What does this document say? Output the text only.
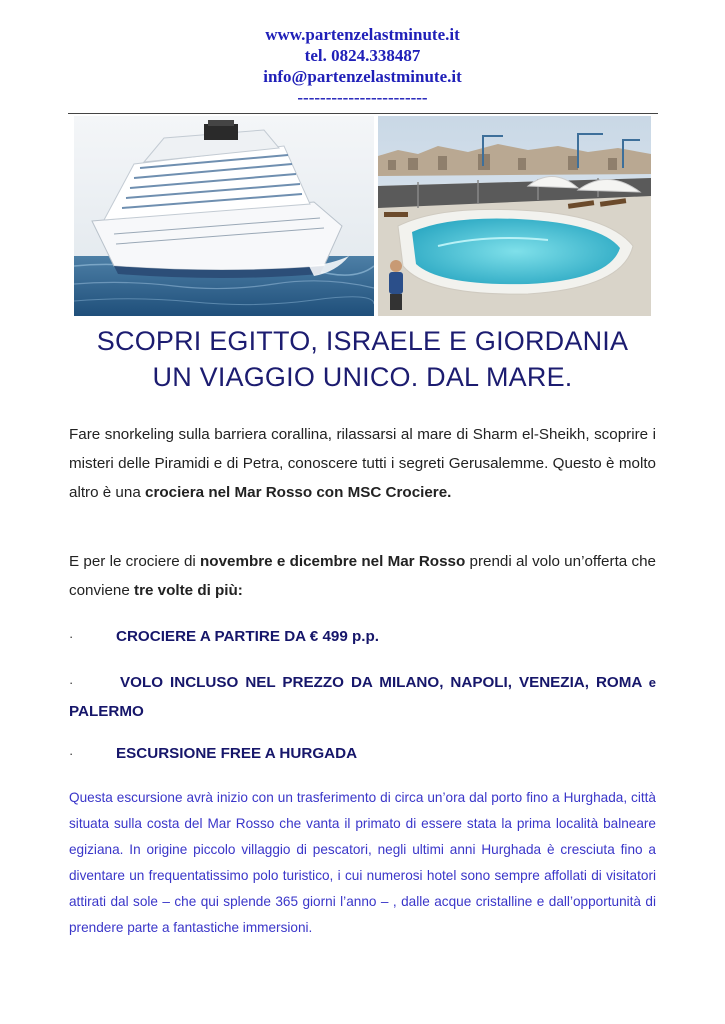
www.partenzelastminute.it
tel. 0824.338487
info@partenzelastminute.it
-----------------------
SCOPRI EGITTO, ISRAELE E GIORDANIA
UN VIAGGIO UNICO. DAL MARE.
Fare snorkeling sulla barriera corallina, rilassarsi al mare di Sharm el-Sheikh, scoprire i misteri delle Piramidi e di Petra, conoscere tutti i segreti Gerusalemme. Questo è molto altro è una crociera nel Mar Rosso con MSC Crociere.
E per le crociere di novembre e dicembre nel Mar Rosso prendi al volo un’offerta che conviene tre volte di più:
·	CROCIERE A PARTIRE DA € 499 p.p.
·	VOLO INCLUSO NEL PREZZO DA MILANO, NAPOLI, VENEZIA, ROMA e PALERMO
·	ESCURSIONE FREE A HURGADA
Questa escursione avrà inizio con un trasferimento di circa un’ora dal porto fino a Hurghada, città situata sulla costa del Mar Rosso che vanta il primato di essere stata la prima località balneare egiziana. In origine piccolo villaggio di pescatori, negli ultimi anni Hurghada è cresciuta fino a diventare un frequentatissimo polo turistico, i cui numerosi hotel sono sempre affollati di visitatori attirati dal sole – che qui splende 365 giorni l’anno – , dalle acque cristalline e dall’opportunità di prendere parte a fantastiche immersioni.
